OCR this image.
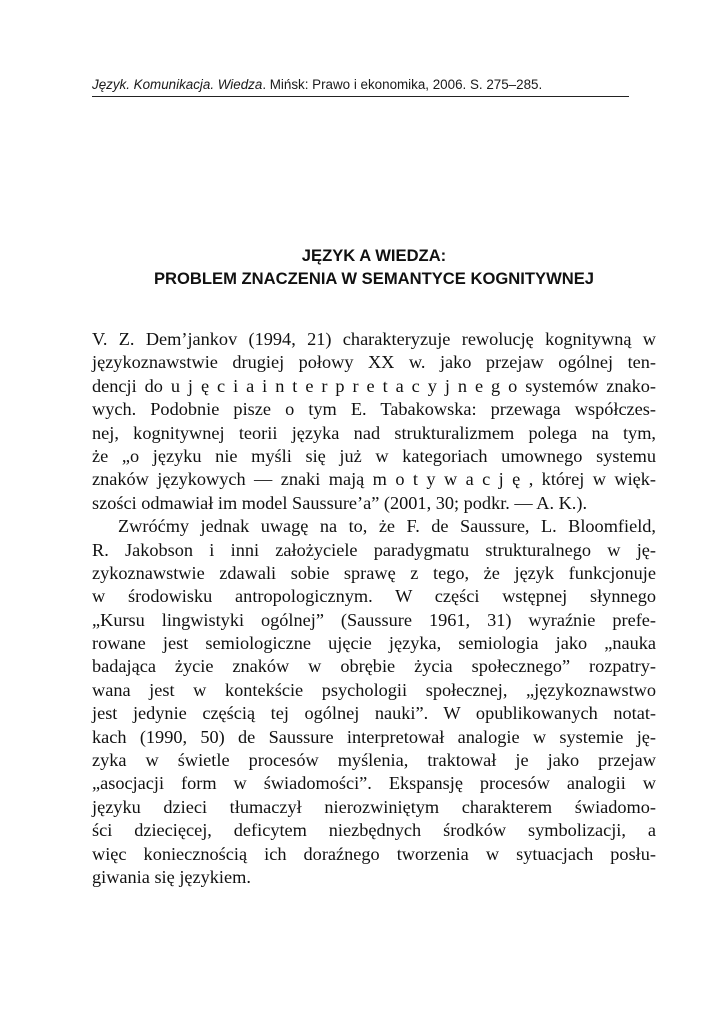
Język. Komunikacja. Wiedza. Mińsk: Prawo i ekonomika, 2006. S. 275–285.
JĘZYK A WIEDZA:
PROBLEM ZNACZENIA W SEMANTYCE KOGNITYWNEJ
V. Z. Dem’jankov (1994, 21) charakteryzuje rewolucję kognitywną w
językoznawstwie drugiej połowy XX w. jako przejaw ogólnej ten-
dencji do u j ę c i a i n t e r p r e t a c y j n e g o systemów znako-
wych. Podobnie pisze o tym E. Tabakowska: przewaga współczes-
nej, kognitywnej teorii języka nad strukturalizmem polega na tym,
że „o języku nie myśli się już w kategoriach umownego systemu
znaków językowych — znaki mają m o t y w a c j ę , której w więk-
szości odmawiał im model Saussure’a” (2001, 30; podkr. — A. K.).
Zwróćmy jednak uwagę na to, że F. de Saussure, L. Bloomfield,
R. Jakobson i inni założyciele paradygmatu strukturalnego w ję-
zykoznawstwie zdawali sobie sprawę z tego, że język funkcjonuje
w środowisku antropologicznym. W części wstępnej słynnego
„Kursu lingwistyki ogólnej” (Saussure 1961, 31) wyraźnie prefe-
rowane jest semiologiczne ujęcie języka, semiologia jako „nauka
badająca życie znaków w obrębie życia społecznego” rozpatry-
wana jest w kontekście psychologii społecznej, „językoznawstwo
jest jedynie częścią tej ogólnej nauki”. W opublikowanych notat-
kach (1990, 50) de Saussure interpretował analogie w systemie ję-
zyka w świetle procesów myślenia, traktował je jako przejaw
„asocjacji form w świadomości”. Ekspansję procesów analogii w
języku dzieci tłumaczył nierozwiniętym charakterem świadomo-
ści dziecięcej, deficytem niezbędnych środków symbolizacji, a
więc koniecznością ich doraźnego tworzenia w sytuacjach posłu-
giwania się językiem.
